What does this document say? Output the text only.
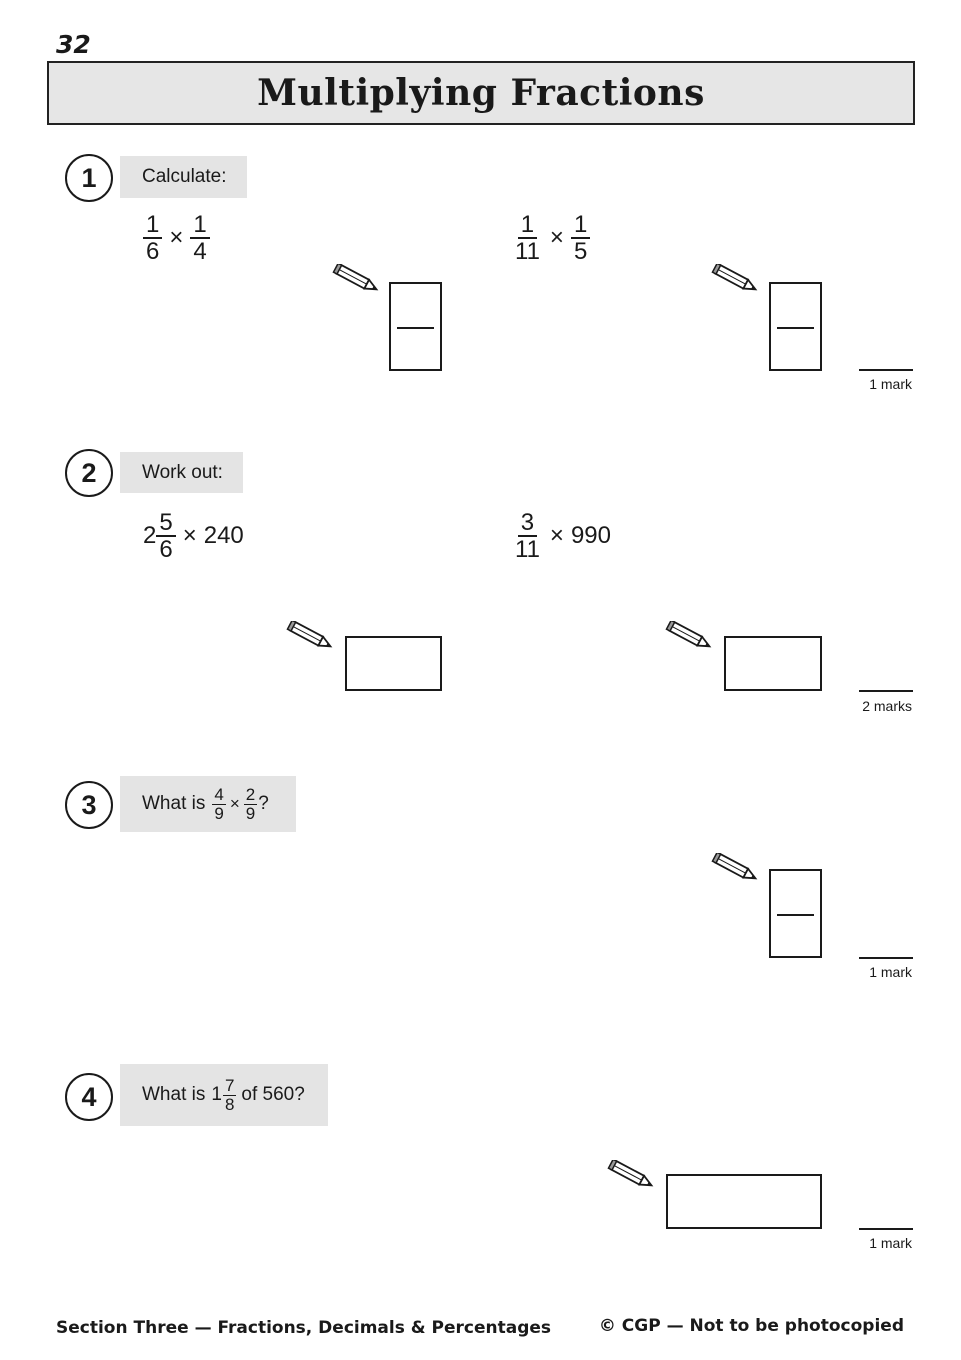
32
Multiplying Fractions
1	Calculate:
$\frac{1}{6} \times \frac{1}{4}$	$\frac{1}{11} \times \frac{1}{5}$
1 mark
2	Work out:
$2 \frac{5}{6} \times 240$	$\frac{3}{11} \times 990$
2 marks
3	What is $\frac{4}{9} \times \frac{2}{9}$ ?
1 mark
4	What is $1 \frac{7}{8}$ of 560?
1 mark
Section Three — Fractions, Decimals & Percentages	© CGP — Not to be photocopied
